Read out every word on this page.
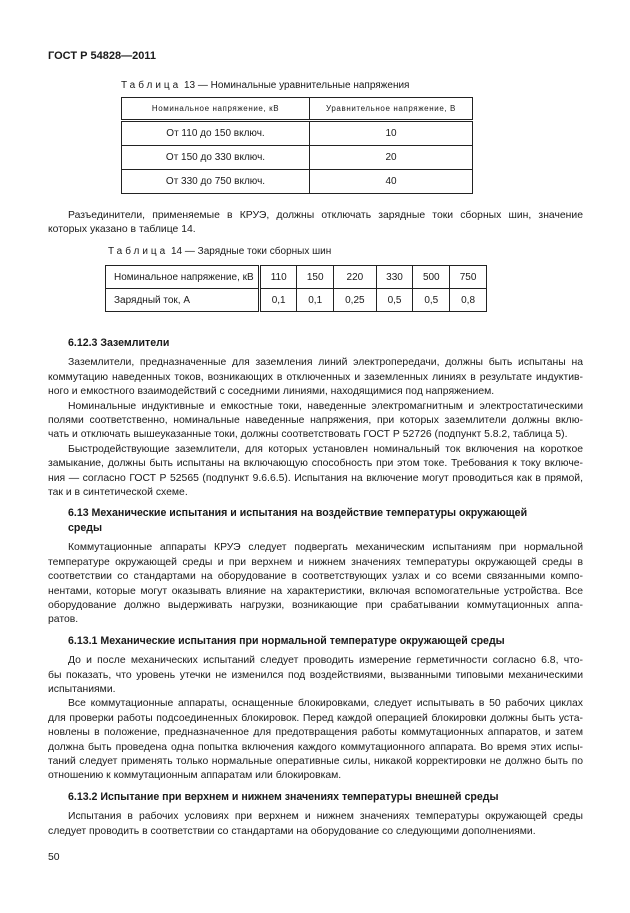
ГОСТ Р 54828—2011
Таблица 13 — Номинальные уравнительные напряжения
Номинальное напряжение, кВ	Уравнительное напряжение, В
От 110 до 150 включ.	10
От 150 до 330 включ.	20
От 330 до 750 включ.	40
Разъединители, применяемые в КРУЭ, должны отключать зарядные токи сборных шин, значение
которых указано в таблице 14.
Таблица 14 — Зарядные токи сборных шин
Номинальное напряжение, кВ	110	150	220	330	500	750
Зарядный ток, А	0,1	0,1	0,25	0,5	0,5	0,8
6.12.3 Заземлители
Заземлители, предназначенные для заземления линий электропередачи, должны быть испытаны на
коммутацию наведенных токов, возникающих в отключенных и заземленных линиях в результате индуктив-
ного и емкостного взаимодействий с соседними линиями, находящимися под напряжением.
Номинальные индуктивные и емкостные токи, наведенные электромагнитным и электростатическими
полями соответственно, номинальные наведенные напряжения, при которых заземлители должны вклю-
чать и отключать вышеуказанные токи, должны соответствовать ГОСТ Р 52726 (подпункт 5.8.2, таблица 5).
Быстродействующие заземлители, для которых установлен номинальный ток включения на короткое
замыкание, должны быть испытаны на включающую способность при этом токе. Требования к току включе-
ния — согласно ГОСТ Р 52565 (подпункт 9.6.6.5). Испытания на включение могут проводиться как в прямой,
так и в синтетической схеме.
6.13 Механические испытания и испытания на воздействие температуры окружающей
среды
Коммутационные аппараты КРУЭ следует подвергать механическим испытаниям при нормальной
температуре окружающей среды и при верхнем и нижнем значениях температуры окружающей среды в
соответствии со стандартами на оборудование в соответствующих узлах и со всеми связанными компо-
нентами, которые могут оказывать влияние на характеристики, включая вспомогательные устройства. Все
оборудование должно выдерживать нагрузки, возникающие при срабатывании коммутационных аппа-
ратов.
6.13.1 Механические испытания при нормальной температуре окружающей среды
До и после механических испытаний следует проводить измерение герметичности согласно 6.8, что-
бы показать, что уровень утечки не изменился под воздействиями, вызванными типовыми механическими
испытаниями.
Все коммутационные аппараты, оснащенные блокировками, следует испытывать в 50 рабочих циклах
для проверки работы подсоединенных блокировок. Перед каждой операцией блокировки должны быть уста-
новлены в положение, предназначенное для предотвращения работы коммутационных аппаратов, и затем
должна быть проведена одна попытка включения каждого коммутационного аппарата. Во время этих испы-
таний следует применять только нормальные оперативные силы, никакой корректировки не должно быть по
отношению к коммутационным аппаратам или блокировкам.
6.13.2 Испытание при верхнем и нижнем значениях температуры внешней среды
Испытания в рабочих условиях при верхнем и нижнем значениях температуры окружающей среды
следует проводить в соответствии со стандартами на оборудование со следующими дополнениями.
50
